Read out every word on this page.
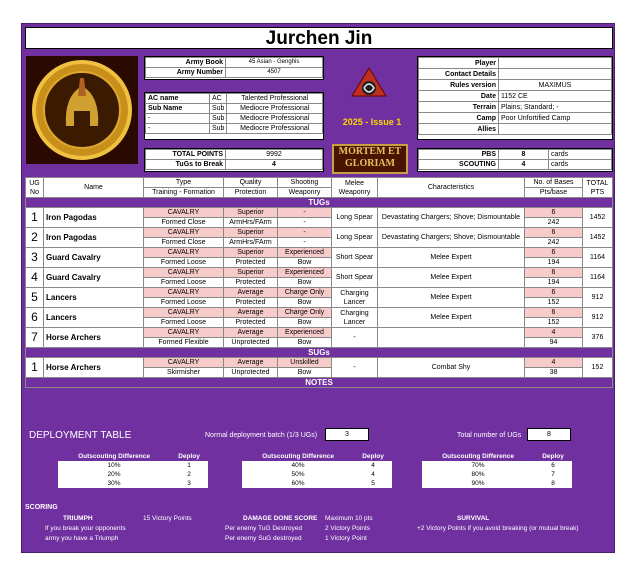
Jurchen Jin
Army Book	45 Asian - Genghis
Army Number	4507
AC name	AC	Talented Professional
Sub Name	Sub	Mediocre Professional
-	Sub	Mediocre Professional
-	Sub	Mediocre Professional
TOTAL POINTS	9992
TuGs to Break	4
2025 - Issue 1
MORTEM ET GLORIAM
Player	
Contact Details	
Rules version	MAXIMUS
Date	1152 CE
Terrain	Plains; Standard; -
Camp	Poor Unfortified Camp
Allies	
PBS	8	cards
SCOUTING	4	cards
UG No	Name	Type	Quality	Shooting	Melee Weaponry	Characteristics	No. of Bases	TOTAL PTS
		Training - Formation	Protection	Weaponry			Pts/base	
TUGs								
1	Iron Pagodas	CAVALRY	Superior	-	Long Spear	Devastating Chargers; Shove; Dismountable	6	1452
		Formed Close	ArmHrs/FArm	-			242	
2	Iron Pagodas	CAVALRY	Superior	-	Long Spear	Devastating Chargers; Shove; Dismountable	6	1452
		Formed Close	ArmHrs/FArm	-			242	
3	Guard Cavalry	CAVALRY	Superior	Experienced	Short Spear	Melee Expert	6	1164
		Formed Loose	Protected	Bow			194	
4	Guard Cavalry	CAVALRY	Superior	Experienced	Short Spear	Melee Expert	6	1164
		Formed Loose	Protected	Bow			194	
5	Lancers	CAVALRY	Average	Charge Only	Charging Lancer	Melee Expert	6	912
		Formed Loose	Protected	Bow			152	
6	Lancers	CAVALRY	Average	Charge Only	Charging Lancer	Melee Expert	6	912
		Formed Loose	Protected	Bow			152	
7	Horse Archers	CAVALRY	Average	Experienced	-		4	376
		Formed Flexible	Unprotected	Bow			94	
SUGs								
1	Horse Archers	CAVALRY	Average	Unskilled	-	Combat Shy	4	152
		Skirmisher	Unprotected	Bow			38	
NOTES								
DEPLOYMENT TABLE	Normal deployment batch (1/3 UGs)	3	Total number of UGs	8
Outscouting Difference	Deploy
10%	1
20%	2
30%	3
Outscouting Difference	Deploy
40%	4
50%	4
60%	5
Outscouting Difference	Deploy
70%	6
80%	7
90%	8
SCORING
TRIUMPH	15 Victory Points
If you break your opponents
army you have a Triumph
DAMAGE DONE SCORE
Per enemy TuG Destroyed	2 Victory Points
Per enemy SuG destroyed	1 Victory Point
Maximum 10 pts	SURVIVAL
+2 Victory Points if you avoid breaking (or mutual break)
